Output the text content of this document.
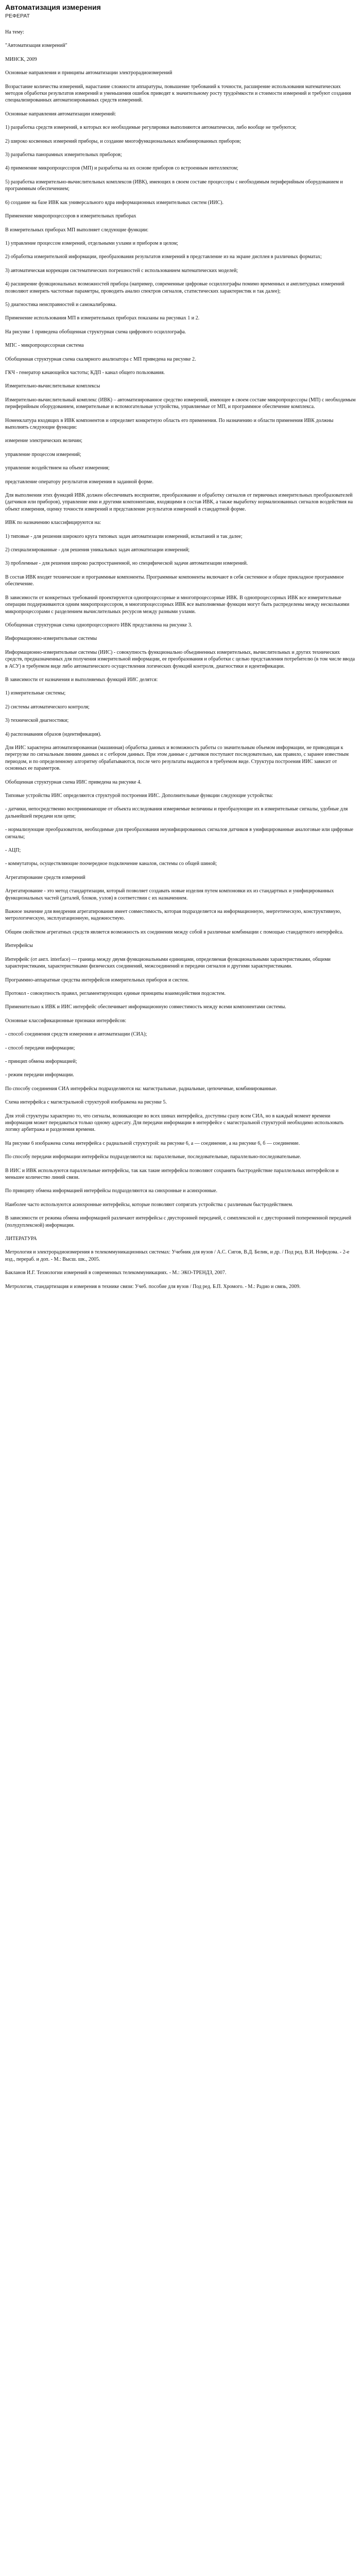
Автоматизация измерения
РЕФЕРАТ
На тему:
"Автоматизация измерений"
МИНСК, 2009
Основные направления и принципы автоматизации электрорадиоизмерений
Возрастание количества измерений, нарастание сложности аппаратуры, повышение требований к точности, расширение использования математических методов обработки результатов измерений и уменьшения ошибок приводят к значительному росту трудоёмкости и стоимости измерений и требуют создания специализированных автоматизированных средств измерений.
Основные направления автоматизации измерений:
1) разработка средств измерений, в которых все необходимые регулировки выполняются автоматически, либо вообще не требуются;
2) широко косвенных измерений приборы, и создание многофункциональных комбинированных приборов;
3) разработка панорамных измерительных приборов;
4) применение микропроцессоров (МП) и разработка на их основе приборов со встроенным интеллектом;
5) разработка измерительно-вычислительных комплексов (ИВК), имеющих в своем составе процессоры с необходимым периферийным оборудованием и программным обеспечением;
6) создание на базе ИВК как универсального ядра информационных измерительных систем (ИИС).
Применение микропроцессоров в измерительных приборах
В измерительных приборах МП выполняет следующие функции:
1) управление процессом измерений, отдельными узлами и прибором в целом;
2) обработка измерительной информации, преобразования результатов измерений в представление из на экране дисплея в различных форматах;
3) автоматическая коррекция систематических погрешностей с использованием математических моделей;
4) расширение функциональных возможностей прибора (например, современные цифровые осциллографы помимо временных и амплитудных измерений позволяют измерять частотные параметры, проводить анализ спектров сигналов, статистических характеристик и так далее);
5) диагностика неисправностей и самокалибровка.
Применение использования МП в измерительных приборах показаны на рисунках 1 и 2.
На рисунке 1 приведена обобщенная структурная схема цифрового осциллографа.
МПС - микропроцессорная система
Обобщенная структурная схема скалярного анализатора с МП приведена на рисунке 2.
ГКЧ - генератор качающейся частоты; КДП - канал общего пользования.
Измерительно-вычислительные комплексы
Измерительно-вычислительный комплекс (ИВК) – автоматизированное средство измерений, имеющее в своем составе микропроцессоры (МП) с необходимым периферийным оборудованием, измерительные и вспомогательные устройства, управляемые от МП, и программное обеспечение комплекса.
Номенклатура входящих в ИВК компонентов и определяет конкретную область его применения. По назначению и области применения ИВК должны выполнять следующие функции:
измерение электрических величин;
управление процессом измерений;
управление воздействием на объект измерения;
представление оператору результатов измерения в заданной форме.
Для выполнения этих функций ИВК должен обеспечивать восприятие, преобразование и обработку сигналов от первичных измерительных преобразователей (датчиков или приборов), управление ими и другими компонентами, входящими в состав ИВК, а также выработку нормализованных сигналов воздействия на объект измерения, оценку точности измерений и представление результатов измерений в стандартной форме.
ИВК по назначению классифицируются на:
1) типовые - для решения широкого круга типовых задач автоматизации измерений, испытаний и так далее;
2) специализированные - для решения уникальных задач автоматизации измерений;
3) проблемные - для решения широко распространенной, но специфической задачи автоматизации измерений.
В состав ИВК входят технические и программные компоненты. Программные компоненты включают в себя системное и общее прикладное программное обеспечение.
В зависимости от конкретных требований проектируются однопроцессорные и многопроцессорные ИВК. В однопроцессорных ИВК все измерительные операции поддерживаются одним микропроцессором, в многопроцессорных ИВК все выполняемые функции могут быть распределены между несколькими микропроцессорами с разделением вычислительных ресурсов между разными узлами.
Обобщенная структурная схема однопроцессорного ИВК представлена на рисунке 3.
Информационно-измерительные системы
Информационно-измерительные системы (ИИС) - совокупность функционально объединенных измерительных, вычислительных и других технических средств, предназначенных для получения измерительной информации, ее преобразования и обработки с целью представления потребителю (в том числе ввода в АСУ) в требуемом виде либо автоматического осуществления логических функций контроля, диагностики и идентификации.
В зависимости от назначения и выполняемых функций ИИС делятся:
1) измерительные системы;
2) системы автоматического контроля;
3) технической диагностики;
4) распознавания образов (идентификация).
Для ИИС характерна автоматизированная (машинная) обработка данных и возможность работы со значительным объемом информации, не приводящая к перегрузке по сигнальным линиям данных и с отбором данных. При этом данные с датчиков поступают последовательно, как правило, с заранее известным периодом, и по определенному алгоритму обрабатываются, после чего результаты выдаются в требуемом виде. Структура построения ИИС зависит от основных ее параметров.
Обобщенная структурная схема ИИС приведена на рисунке 4.
Типовые устройства ИИС определяются структурой построения ИИС. Дополнительные функции следующие устройства:
- датчики, непосредственно воспринимающие от объекта исследования измеряемые величины и преобразующие их в измерительные сигналы, удобные для дальнейшей передачи или цепи;
- нормализующие преобразователи, необходимые для преобразования неунифицированных сигналов датчиков в унифицированные аналоговые или цифровые сигналы;
- АЦП;
- коммутаторы, осуществляющие поочередное подключение каналов, системы со общей шиной;
Агрегатирование средств измерений
Агрегатирование - это метод стандартизации, который позволяет создавать новые изделия путем компоновки их из стандартных и унифицированных функциональных частей (деталей, блоков, узлов) в соответствии с их назначением.
Важное значение для внедрения агрегатирования имеет совместимость, которая подразделяется на информационную, энергетическую, конструктивную, метрологическую, эксплуатационную, надежностную.
Общим свойством агрегатных средств является возможность их соединения между собой в различные комбинации с помощью стандартного интерфейса.
Интерфейсы
Интерфейс (от англ. interface) — граница между двумя функциональными единицами, определяемая функциональными характеристиками, общими характеристиками, характеристиками физических соединений, межсоединений и передачи сигналов и другими характеристиками.
Программно-аппаратные средства интерфейсов измерительных приборов и систем.
Протокол - совокупность правил, регламентирующих единые принципы взаимодействия подсистем.
Применительно к ИВК и ИИС интерфейс обеспечивает информационную совместимость между всеми компонентами системы.
Основные классификационные признаки интерфейсов:
- способ соединения средств измерения и автоматизации (СИА);
- способ передачи информации;
- принцип обмена информацией;
- режим передачи информации.
По способу соединения СИА интерфейсы подразделяются на: магистральные, радиальные, цепочечные, комбинированные.
Схема интерфейса с магистральной структурой изображена на рисунке 5.
Для этой структуры характерно то, что сигналы, возникающие во всех шинах интерфейса, доступны сразу всем СИА, но в каждый момент времени информация может передаваться только одному адресату. Для передачи информации в интерфейсе с магистральной структурой необходимо использовать логику арбитража и разделения времени.
На рисунке 6 изображена схема интерфейса с радиальной структурой: на рисунке 6, а — соединение, а на рисунке 6, б — соединение.
По способу передачи информации интерфейсы подразделяются на: параллельные, последовательные, параллельно-последовательные.
В ИИС и ИВК используются параллельные интерфейсы, так как такие интерфейсы позволяют сохранять быстродействие параллельных интерфейсов и меньшее количество линий связи.
По принципу обмена информацией интерфейсы подразделяются на синхронные и асинхронные.
Наиболее часто используются асинхронные интерфейсы, которые позволяют сопрягать устройства с различным быстродействием.
В зависимости от режима обмена информацией различают интерфейсы с двусторонней передачей, с симплексной и с двусторонней попеременной передачей (полудуплексной) информации.
ЛИТЕРАТУРА
Метрология и электрорадиоизмерения в телекоммуникационных системах: Учебник для вузов / А.С. Сигов, В.Д. Белик, и др. / Под ред. В.И. Нефедова. - 2-е изд., перераб. и доп. - М.: Высш. шк., 2005.
Бакланов И.Г. Технологии измерений в современных телекоммуникациях. - М.: ЭКО-ТРЕНДЗ, 2007.
Метрология, стандартизация и измерения в технике связи: Учеб. пособие для вузов / Под ред. Б.П. Хромого. - М.: Радио и связь, 2009.
